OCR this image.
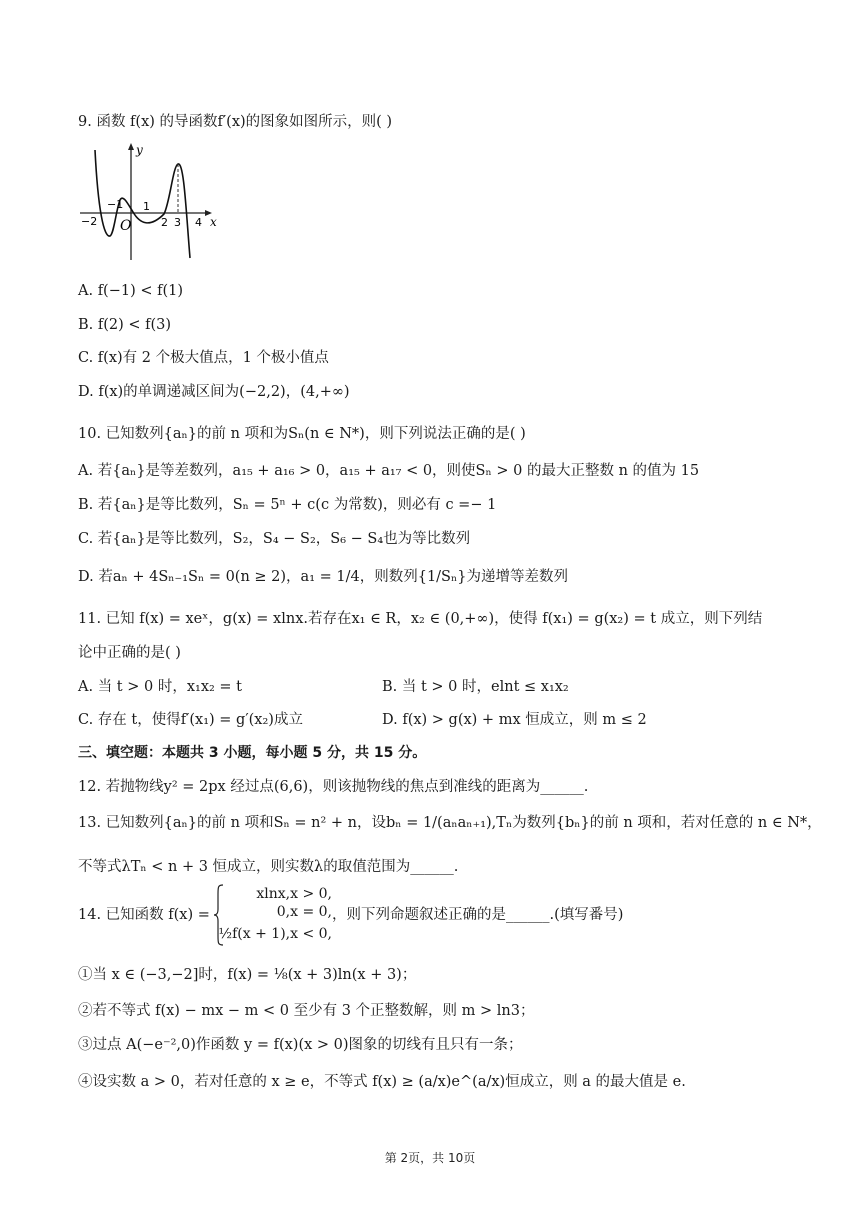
9. 函数 f(x) 的导函数f′(x)的图象如图所示，则( )
y
x
O
−2
−1 1
2 3 4
A. f(−1) < f(1)
B. f(2) < f(3)
C. f(x)有 2 个极大值点，1 个极小值点
D. f(x)的单调递减区间为(−2,2)，(4,+∞)
10. 已知数列{aₙ}的前 n 项和为Sₙ(n ∈ N*)，则下列说法正确的是( )
A. 若{aₙ}是等差数列，a₁₅ + a₁₆ > 0，a₁₅ + a₁₇ < 0，则使Sₙ > 0 的最大正整数 n 的值为 15
B. 若{aₙ}是等比数列，Sₙ = 5ⁿ + c(c 为常数)，则必有 c =− 1
C. 若{aₙ}是等比数列，S₂，S₄ − S₂，S₆ − S₄也为等比数列
D. 若aₙ + 4Sₙ₋₁Sₙ = 0(n ≥ 2)，a₁ = 1/4，则数列{1/Sₙ}为递增等差数列
11. 已知 f(x) = xeˣ，g(x) = xlnx.若存在x₁ ∈ R，x₂ ∈ (0,+∞)，使得 f(x₁) = g(x₂) = t 成立，则下列结
论中正确的是( )
A. 当 t > 0 时，x₁x₂ = t	B. 当 t > 0 时，elnt ≤ x₁x₂
C. 存在 t，使得f′(x₁) = g′(x₂)成立	D. f(x) > g(x) + mx 恒成立，则 m ≤ 2
三、填空题：本题共 3 小题，每小题 5 分，共 15 分。
12. 若抛物线y² = 2px 经过点(6,6)，则该抛物线的焦点到准线的距离为______.
13. 已知数列{aₙ}的前 n 项和Sₙ = n² + n，设bₙ = 1/(aₙaₙ₊₁),Tₙ为数列{bₙ}的前 n 项和，若对任意的 n ∈ N*，
不等式λTₙ < n + 3 恒成立，则实数λ的取值范围为______.
14. 已知函数 f(x) =
xlnx,x > 0,
0,x = 0,
½f(x + 1),x < 0,
，则下列命题叙述正确的是______.(填写番号)
①当 x ∈ (−3,−2]时，f(x) = ⅛(x + 3)ln(x + 3)；
②若不等式 f(x) − mx − m < 0 至少有 3 个正整数解，则 m > ln3；
③过点 A(−e⁻²,0)作函数 y = f(x)(x > 0)图象的切线有且只有一条；
④设实数 a > 0，若对任意的 x ≥ e，不等式 f(x) ≥ (a/x)e^(a/x)恒成立，则 a 的最大值是 e.
第 2页，共 10页
